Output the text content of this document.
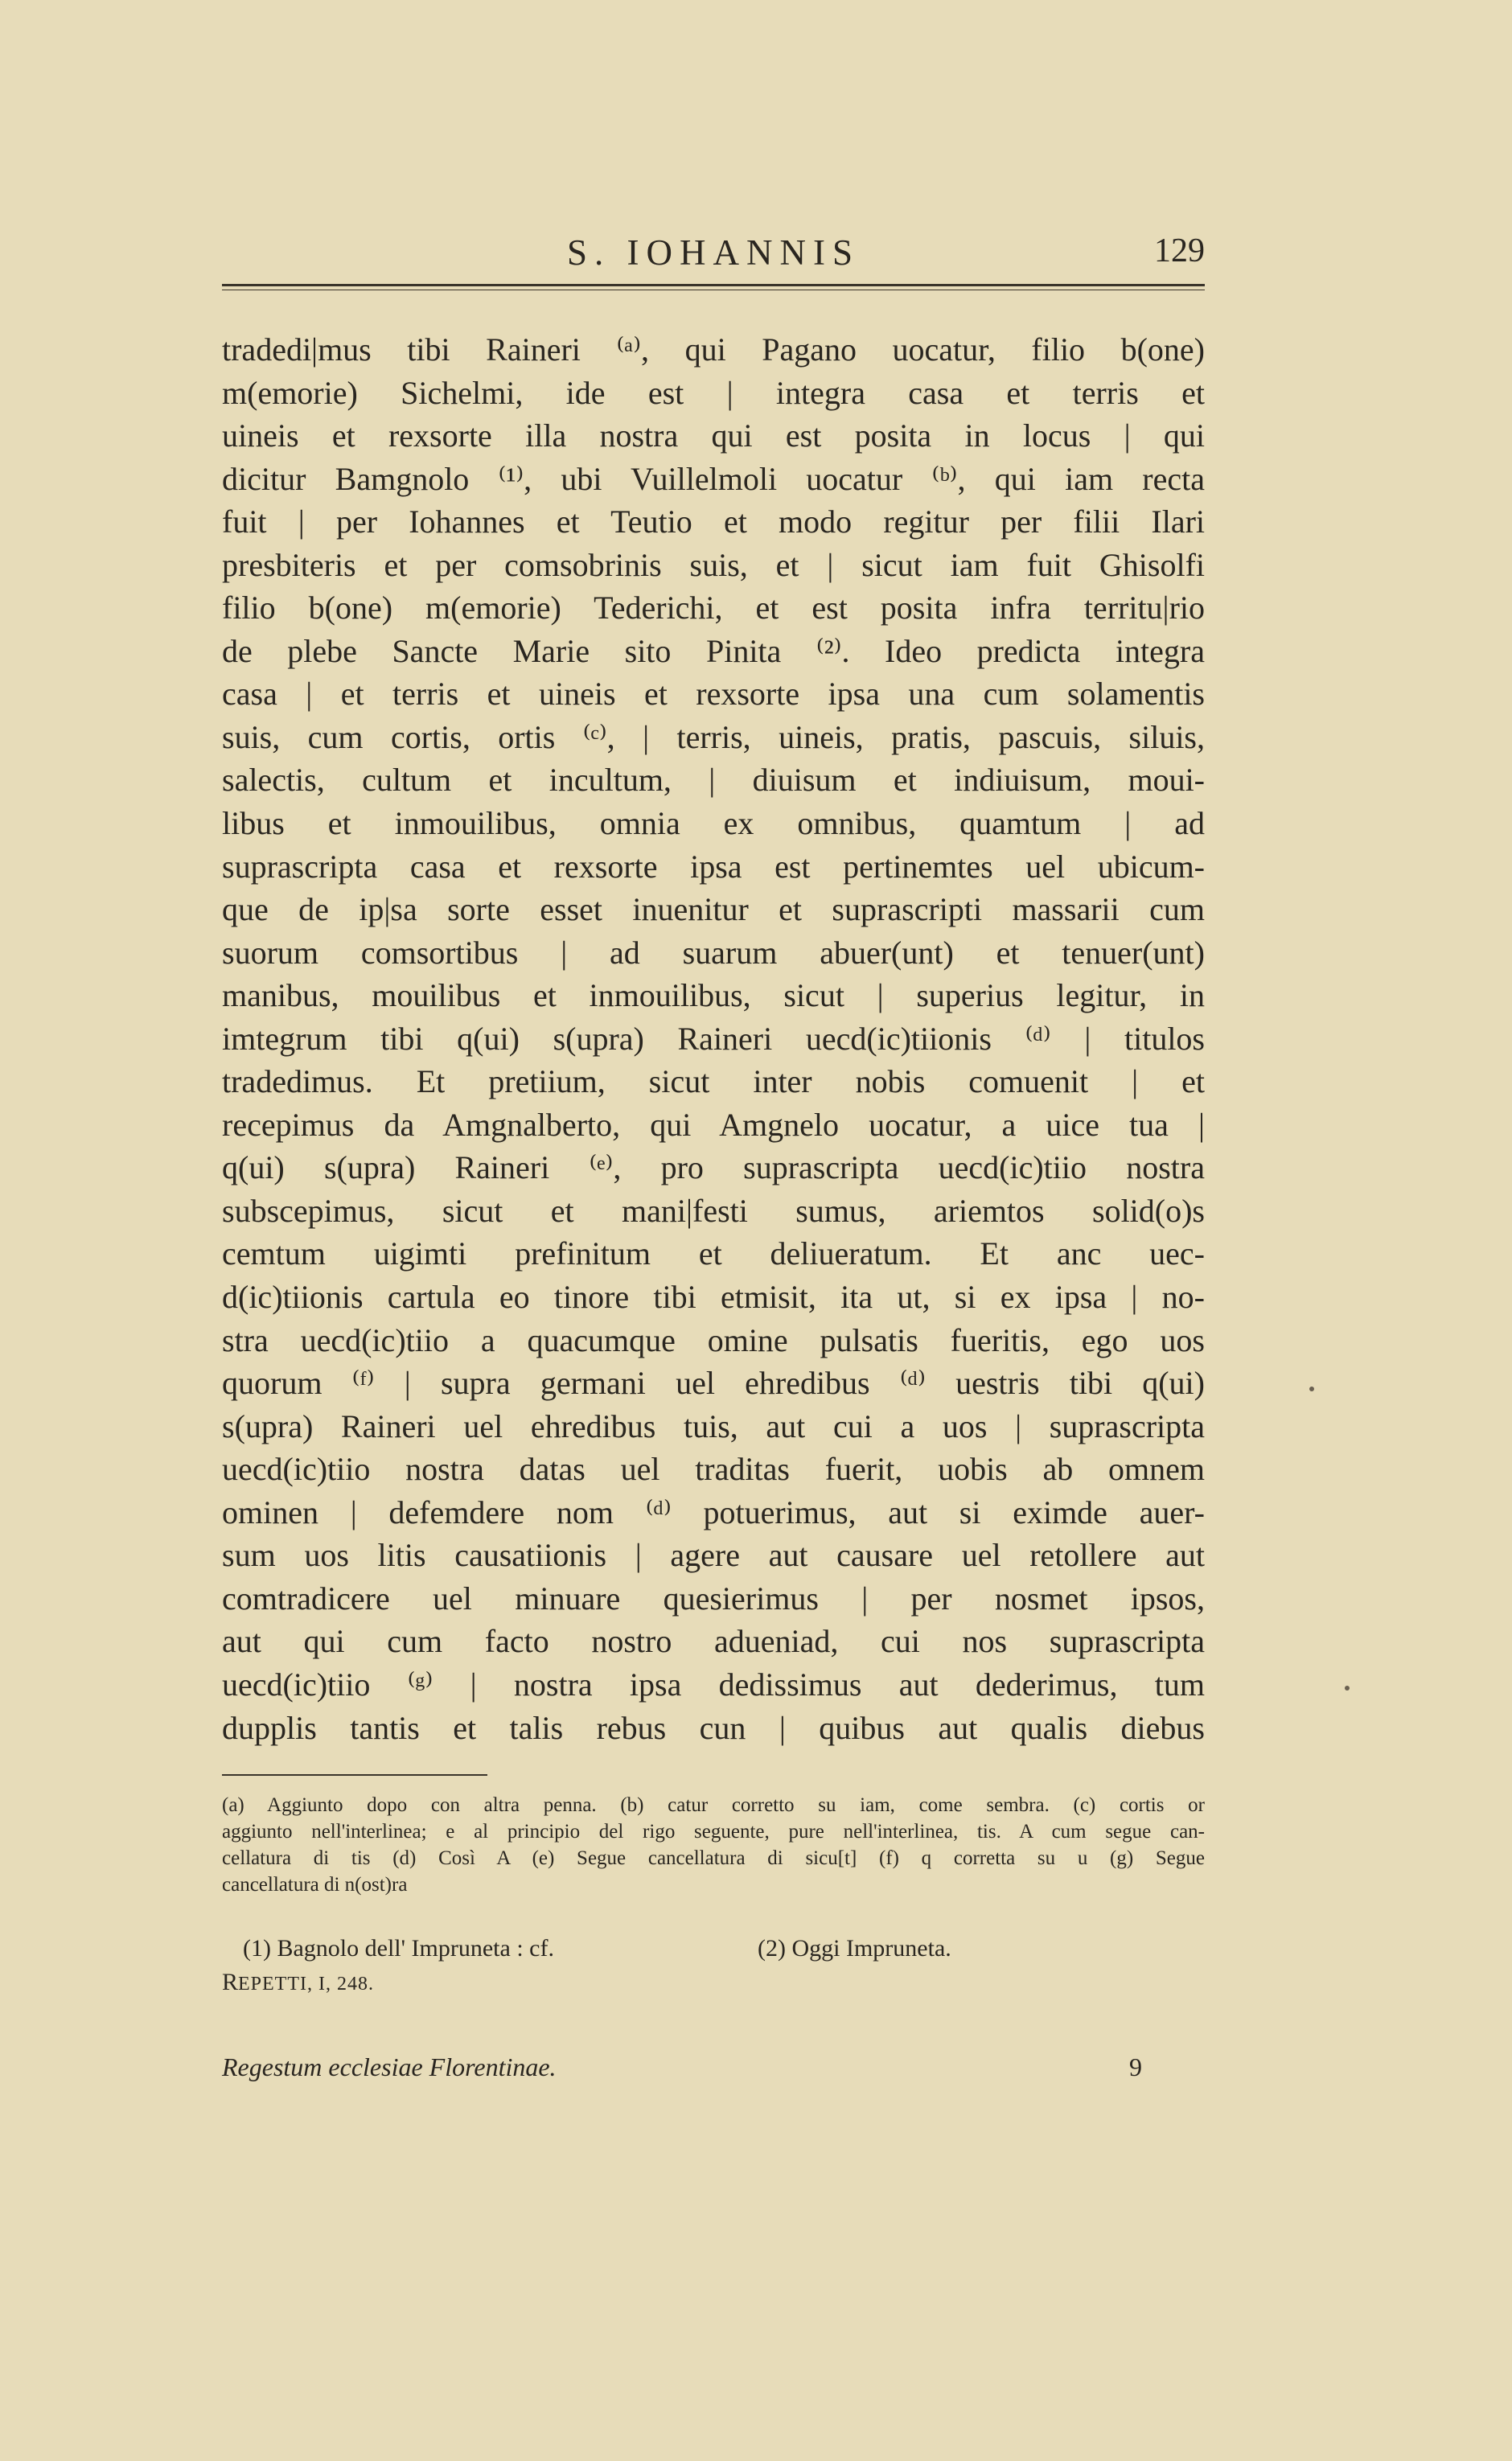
S. IOHANNIS	129
tradedi|mus tibi Raineri ⁽ᵃ⁾, qui Pagano uocatur, filio b(one)
m(emorie) Sichelmi, ide est | integra casa et terris et
uineis et rexsorte illa nostra qui est posita in locus | qui
dicitur Bamgnolo ⁽¹⁾, ubi Vuillelmoli uocatur ⁽ᵇ⁾, qui iam recta
fuit | per Iohannes et Teutio et modo regitur per filii Ilari
presbiteris et per comsobrinis suis, et | sicut iam fuit Ghisolfi
filio b(one) m(emorie) Tederichi, et est posita infra territu|rio
de plebe Sancte Marie sito Pinita ⁽²⁾. Ideo predicta integra
casa | et terris et uineis et rexsorte ipsa una cum solamentis
suis, cum cortis, ortis ⁽ᶜ⁾, | terris, uineis, pratis, pascuis, siluis,
salectis, cultum et incultum, | diuisum et indiuisum, moui-
libus et inmouilibus, omnia ex omnibus, quamtum | ad
suprascripta casa et rexsorte ipsa est pertinemtes uel ubicum-
que de ip|sa sorte esset inuenitur et suprascripti massarii cum
suorum comsortibus | ad suarum abuer(unt) et tenuer(unt)
manibus, mouilibus et inmouilibus, sicut | superius legitur, in
imtegrum tibi q(ui) s(upra) Raineri uecd(ic)tiionis ⁽ᵈ⁾ | titulos
tradedimus. Et pretiium, sicut inter nobis comuenit | et
recepimus da Amgnalberto, qui Amgnelo uocatur, a uice tua |
q(ui) s(upra) Raineri ⁽ᵉ⁾, pro suprascripta uecd(ic)tiio nostra
subscepimus, sicut et mani|festi sumus, ariemtos solid(o)s
cemtum uigimti prefinitum et deliueratum. Et anc uec-
d(ic)tiionis cartula eo tinore tibi etmisit, ita ut, si ex ipsa | no-
stra uecd(ic)tiio a quacumque omine pulsatis fueritis, ego uos
quorum ⁽ᶠ⁾ | supra germani uel ehredibus ⁽ᵈ⁾ uestris tibi q(ui)
s(upra) Raineri uel ehredibus tuis, aut cui a uos | suprascripta
uecd(ic)tiio nostra datas uel traditas fuerit, uobis ab omnem
ominen | defemdere nom ⁽ᵈ⁾ potuerimus, aut si eximde auer-
sum uos litis causatiionis | agere aut causare uel retollere aut
comtradicere uel minuare quesierimus | per nosmet ipsos,
aut qui cum facto nostro adueniad, cui nos suprascripta
uecd(ic)tiio ⁽ᵍ⁾ | nostra ipsa dedissimus aut dederimus, tum
dupplis tantis et talis rebus cun | quibus aut qualis diebus
(a) Aggiunto dopo con altra penna. (b) catur corretto su iam, come sembra. (c) cortis or
aggiunto nell'interlinea; e al principio del rigo seguente, pure nell'interlinea, tis. A cum segue can-
cellatura di tis (d) Così A (e) Segue cancellatura di sicu[t] (f) q corretta su u (g) Segue
cancellatura di n(ost)ra
(1) Bagnolo dell' Impruneta : cf.	(2) Oggi Impruneta.
REPETTI, I, 248.
Regestum ecclesiae Florentinae.	9
